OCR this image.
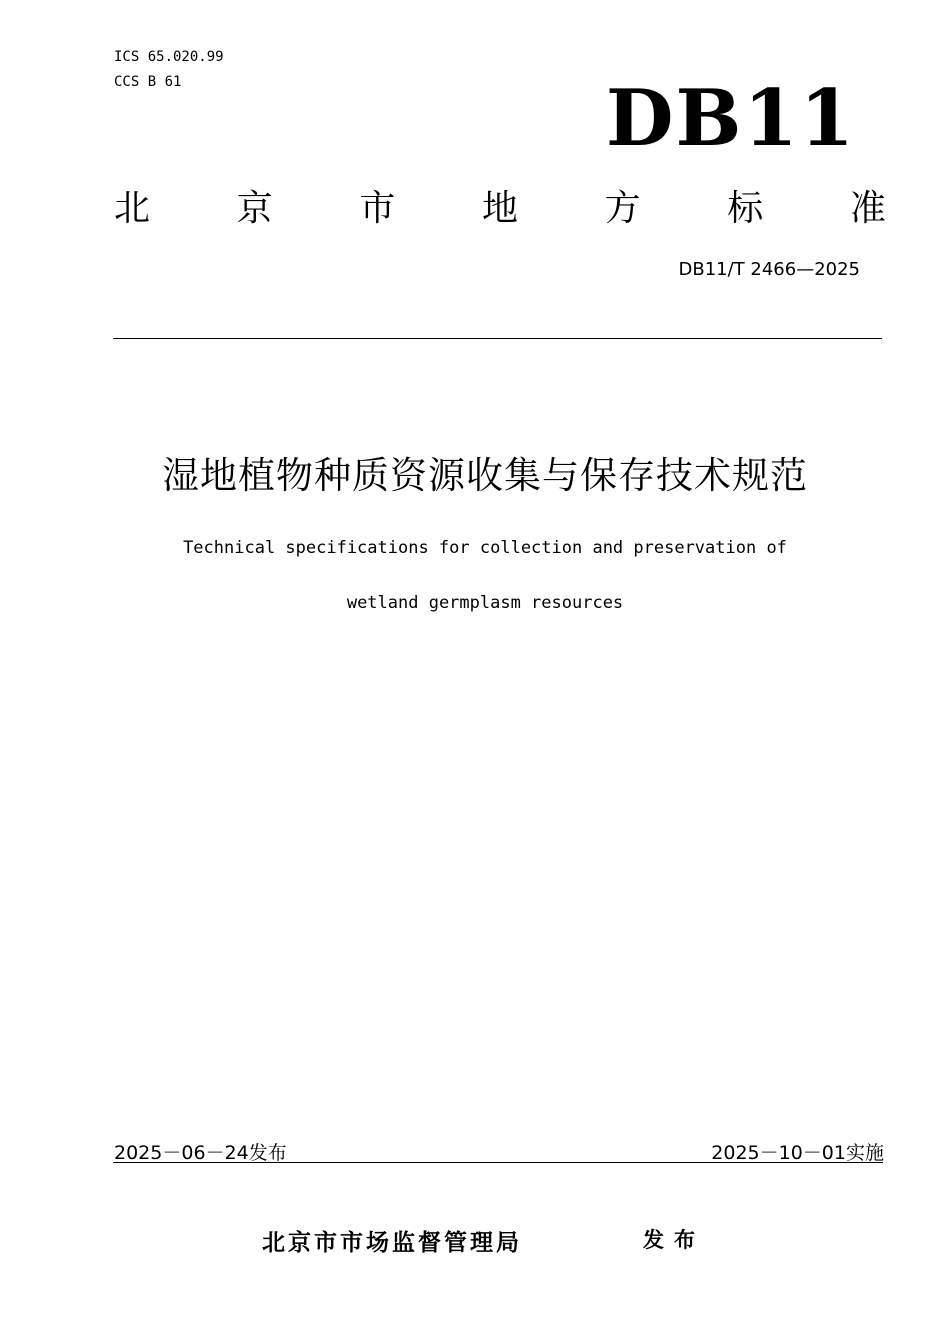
ICS 65.020.99
CCS B 61	DB11
北 京 市 地 方 标 准
DB11/T 2466—2025
湿地植物种质资源收集与保存技术规范
Technical specifications for collection and preservation of
wetland germplasm resources
2025－06－24发布	2025－10－01实施
北京市市场监督管理局	发布
